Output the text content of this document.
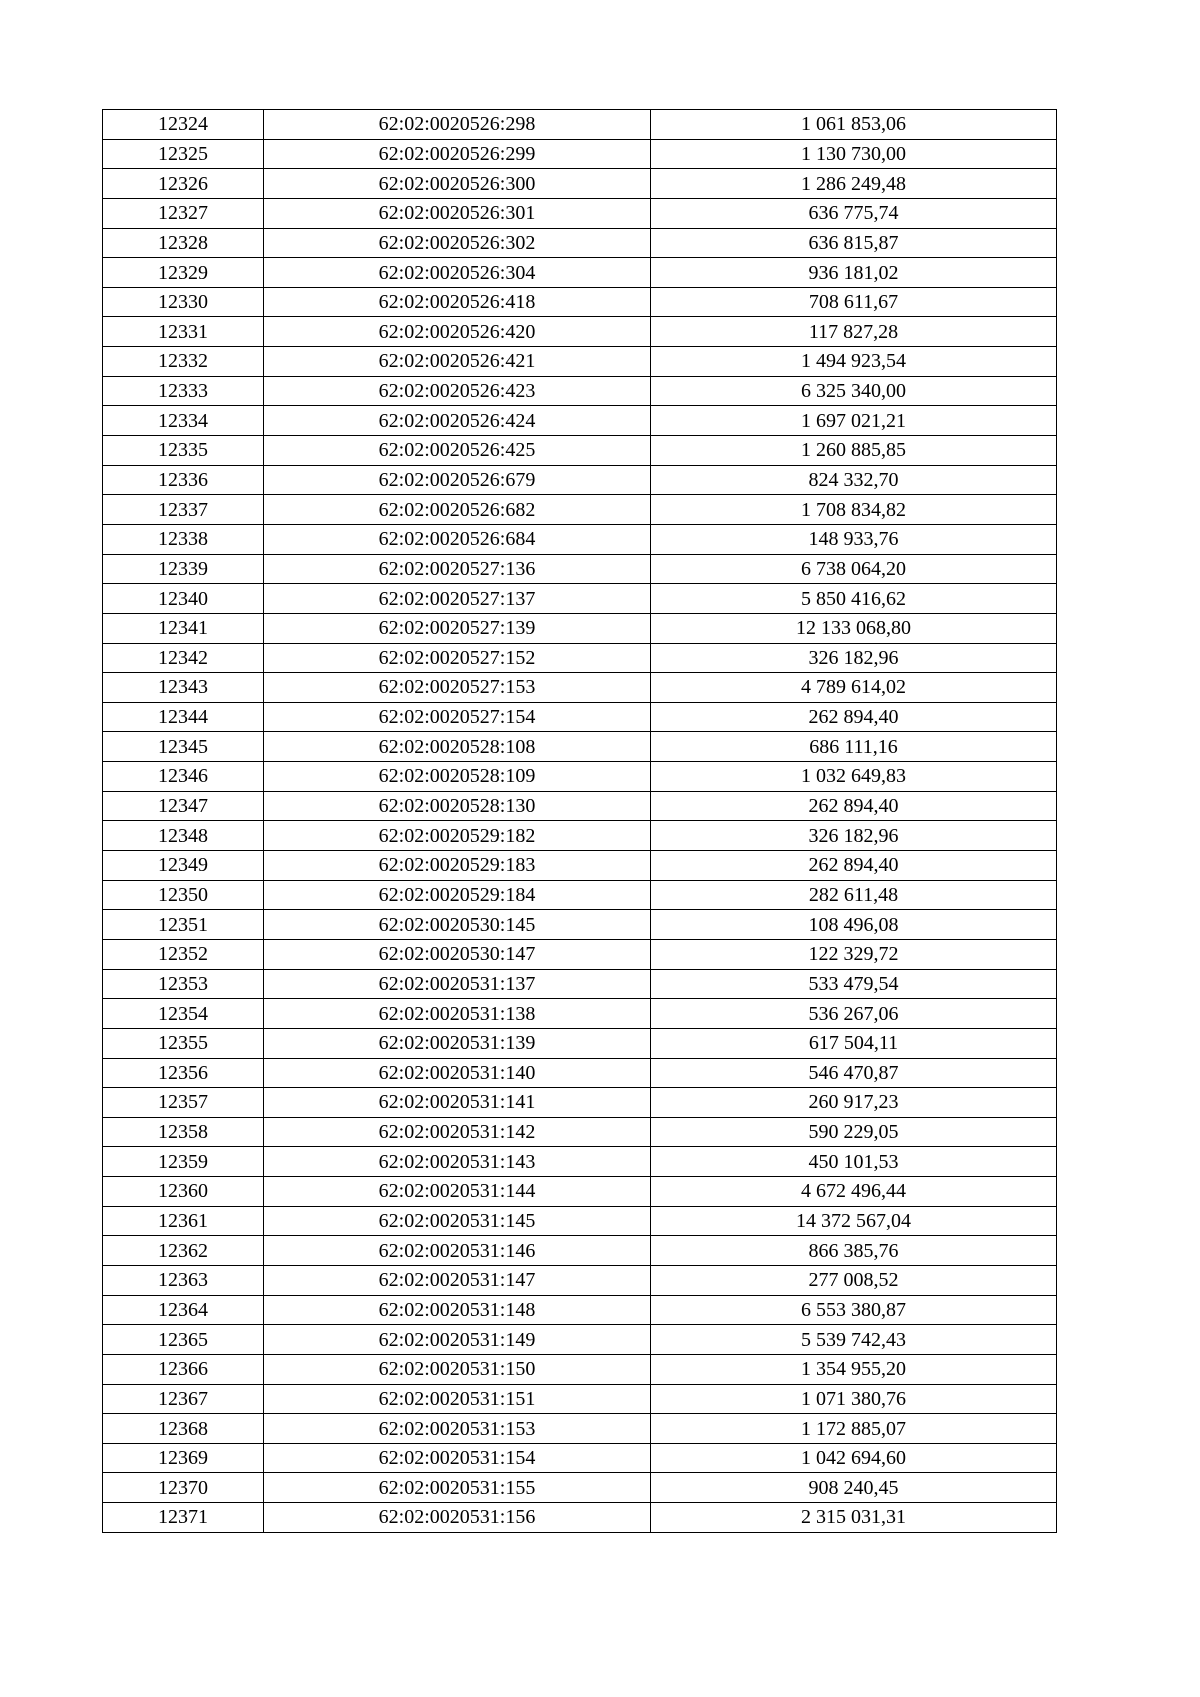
12324	62:02:0020526:298	1 061 853,06
12325	62:02:0020526:299	1 130 730,00
12326	62:02:0020526:300	1 286 249,48
12327	62:02:0020526:301	636 775,74
12328	62:02:0020526:302	636 815,87
12329	62:02:0020526:304	936 181,02
12330	62:02:0020526:418	708 611,67
12331	62:02:0020526:420	117 827,28
12332	62:02:0020526:421	1 494 923,54
12333	62:02:0020526:423	6 325 340,00
12334	62:02:0020526:424	1 697 021,21
12335	62:02:0020526:425	1 260 885,85
12336	62:02:0020526:679	824 332,70
12337	62:02:0020526:682	1 708 834,82
12338	62:02:0020526:684	148 933,76
12339	62:02:0020527:136	6 738 064,20
12340	62:02:0020527:137	5 850 416,62
12341	62:02:0020527:139	12 133 068,80
12342	62:02:0020527:152	326 182,96
12343	62:02:0020527:153	4 789 614,02
12344	62:02:0020527:154	262 894,40
12345	62:02:0020528:108	686 111,16
12346	62:02:0020528:109	1 032 649,83
12347	62:02:0020528:130	262 894,40
12348	62:02:0020529:182	326 182,96
12349	62:02:0020529:183	262 894,40
12350	62:02:0020529:184	282 611,48
12351	62:02:0020530:145	108 496,08
12352	62:02:0020530:147	122 329,72
12353	62:02:0020531:137	533 479,54
12354	62:02:0020531:138	536 267,06
12355	62:02:0020531:139	617 504,11
12356	62:02:0020531:140	546 470,87
12357	62:02:0020531:141	260 917,23
12358	62:02:0020531:142	590 229,05
12359	62:02:0020531:143	450 101,53
12360	62:02:0020531:144	4 672 496,44
12361	62:02:0020531:145	14 372 567,04
12362	62:02:0020531:146	866 385,76
12363	62:02:0020531:147	277 008,52
12364	62:02:0020531:148	6 553 380,87
12365	62:02:0020531:149	5 539 742,43
12366	62:02:0020531:150	1 354 955,20
12367	62:02:0020531:151	1 071 380,76
12368	62:02:0020531:153	1 172 885,07
12369	62:02:0020531:154	1 042 694,60
12370	62:02:0020531:155	908 240,45
12371	62:02:0020531:156	2 315 031,31
